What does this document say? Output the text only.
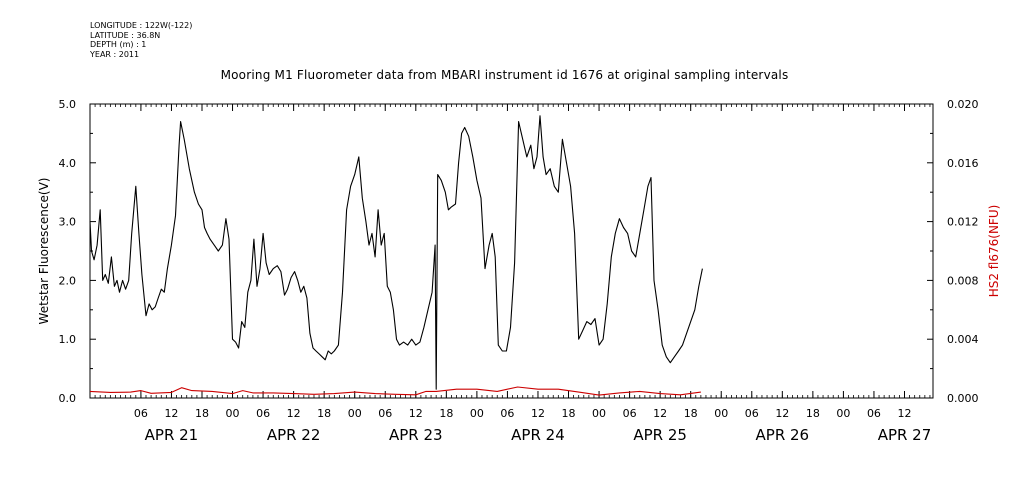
LONGITUDE : 122W(-122)
LATITUDE : 36.8N
DEPTH (m) : 1
YEAR : 2011
Mooring M1 Fluorometer data from MBARI instrument id 1676 at original sampling intervals
06 12 18 00 06 12 18 00 06 12 18 00 06 12 18 00 06 12 18 00 06 12 18 00 06 12
APR 21	APR 22	APR 23	APR 24	APR 25	APR 26	APR 27
0.0
1.0
2.0
3.0
4.0
5.0
0.000
0.004
0.008
0.012
0.016
0.020
Wetstar Fluorescence(V)	HS2 fl676(NFU)
